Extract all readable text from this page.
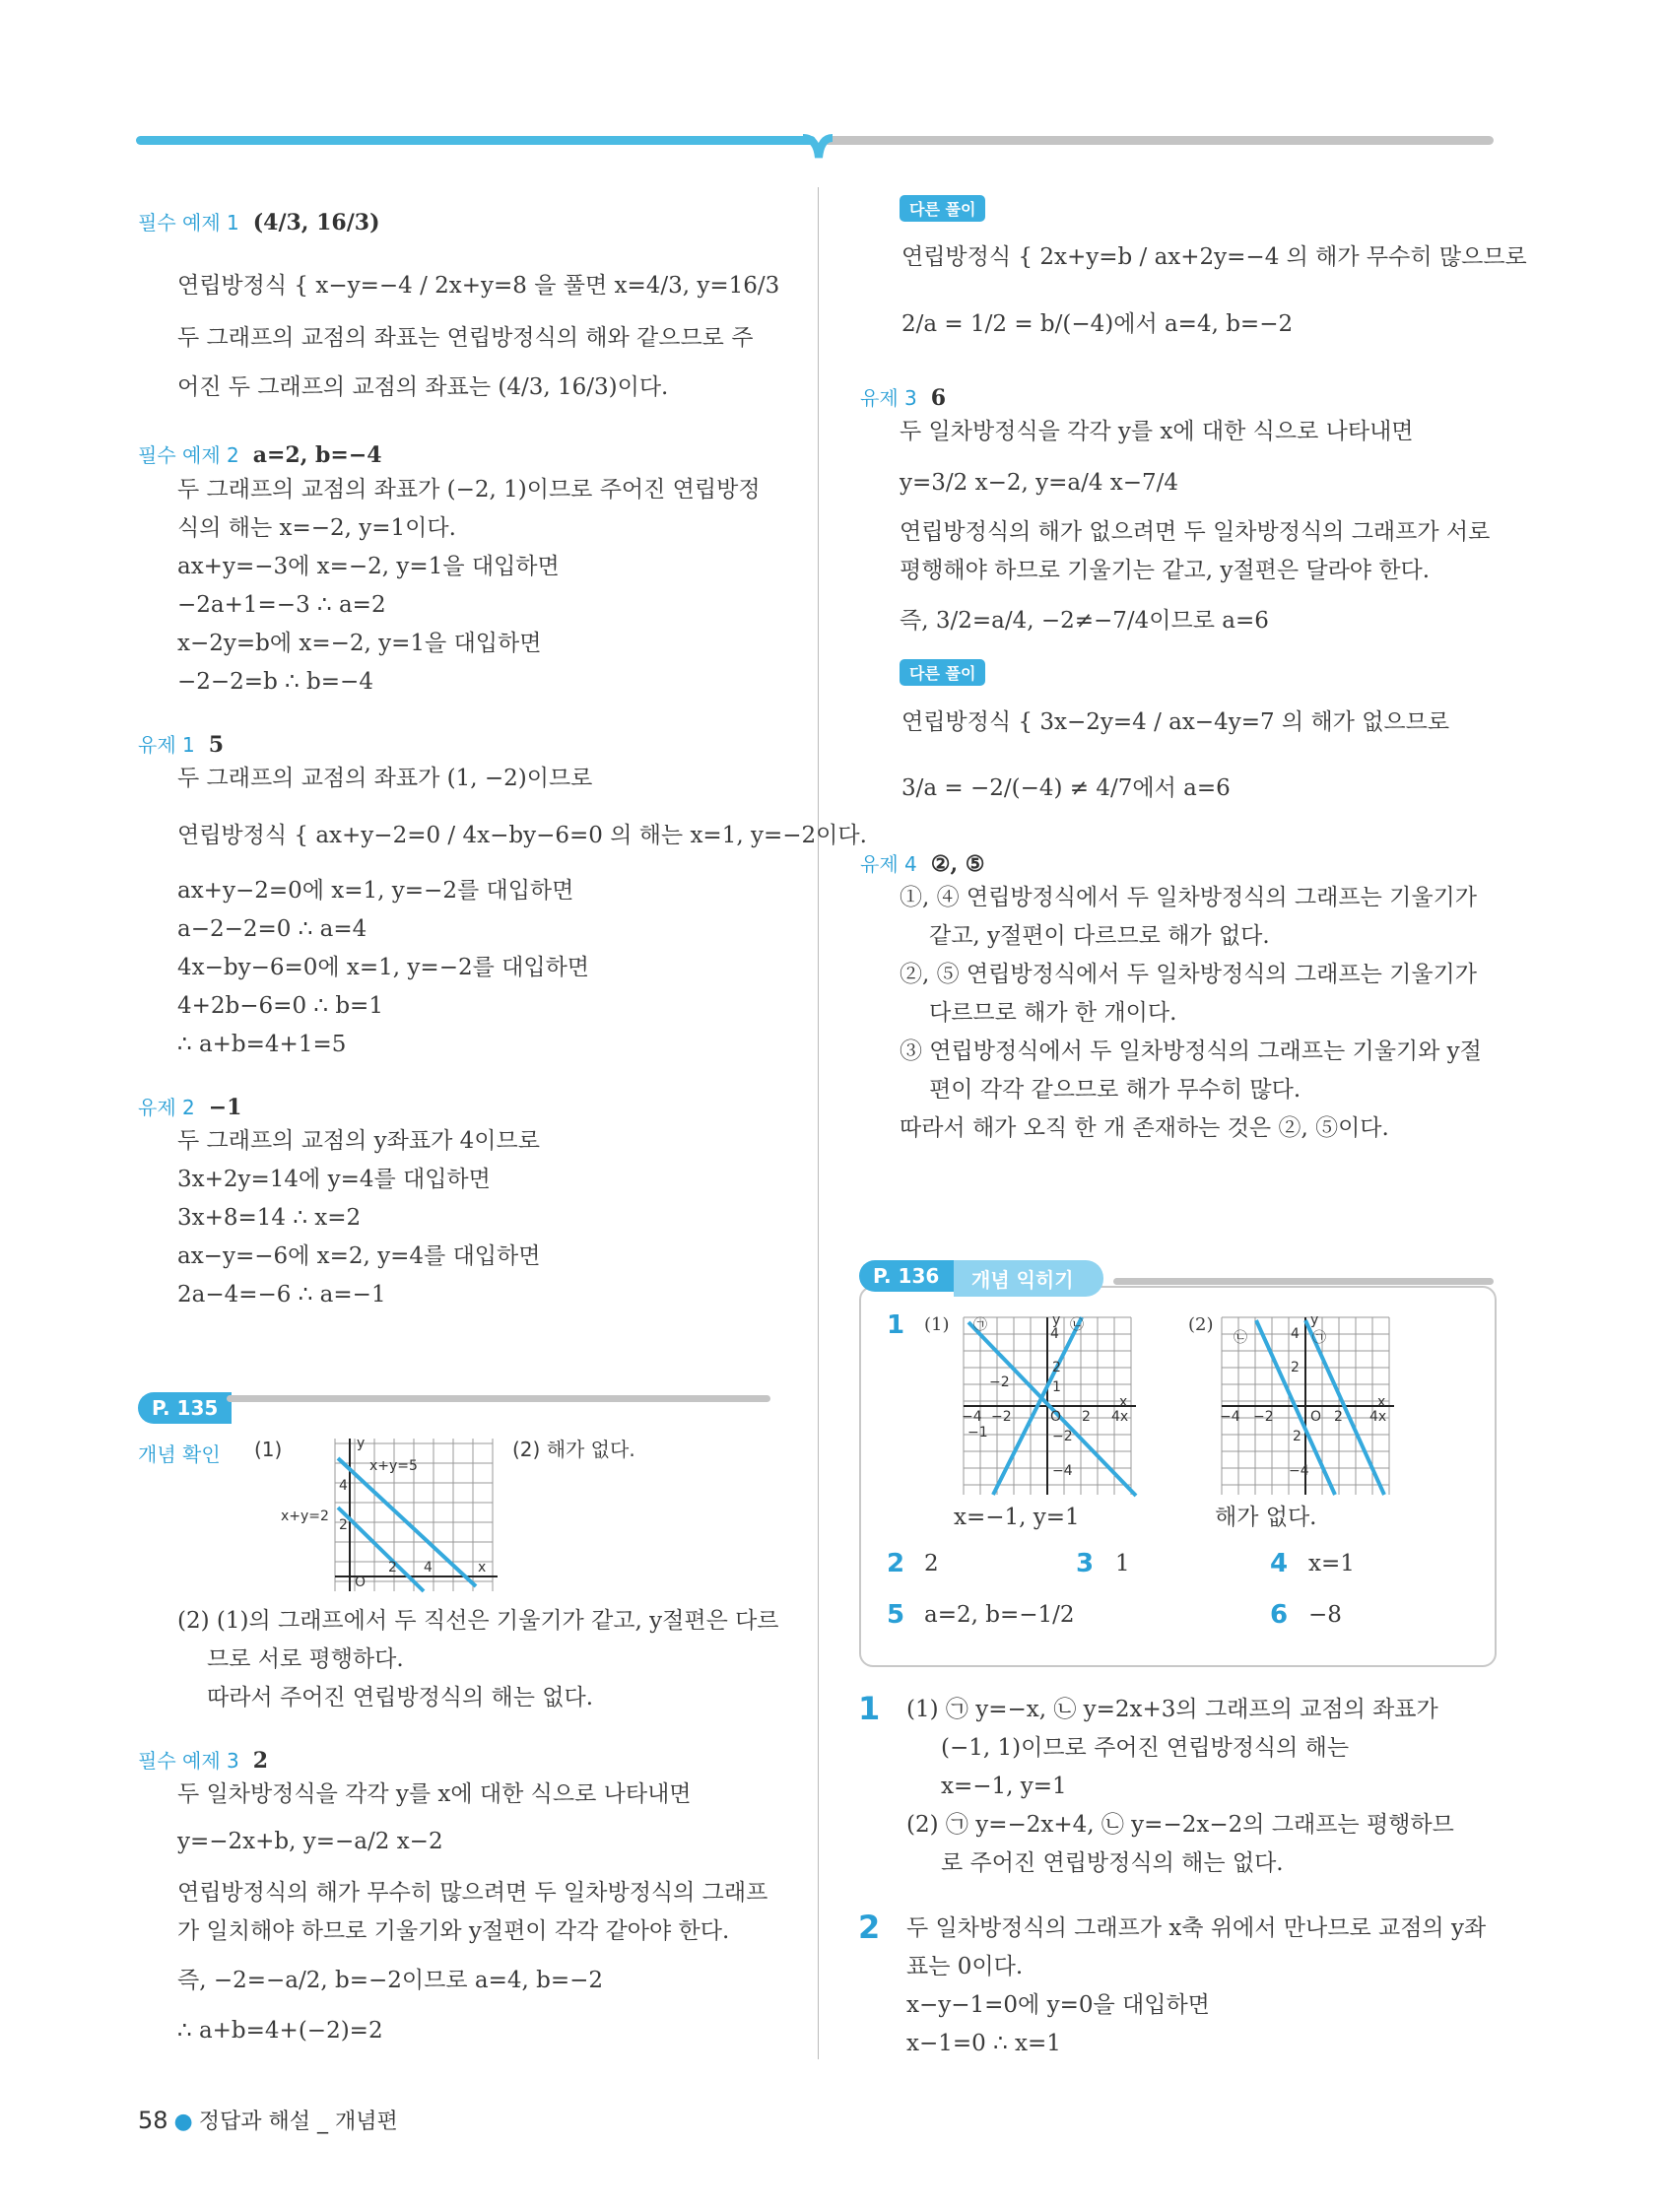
필수 예제 1 (4/3, 16/3)
연립방정식 { x−y=−4 / 2x+y=8 을 풀면 x=4/3, y=16/3
두 그래프의 교점의 좌표는 연립방정식의 해와 같으므로 주
어진 두 그래프의 교점의 좌표는 (4/3, 16/3)이다.
필수 예제 2 a=2, b=−4
두 그래프의 교점의 좌표가 (−2, 1)이므로 주어진 연립방정
식의 해는 x=−2, y=1이다.
ax+y=−3에 x=−2, y=1을 대입하면
−2a+1=−3 ∴ a=2
x−2y=b에 x=−2, y=1을 대입하면
−2−2=b ∴ b=−4
유제 1 5
두 그래프의 교점의 좌표가 (1, −2)이므로
연립방정식 { ax+y−2=0 / 4x−by−6=0 의 해는 x=1, y=−2이다.
ax+y−2=0에 x=1, y=−2를 대입하면
a−2−2=0 ∴ a=4
4x−by−6=0에 x=1, y=−2를 대입하면
4+2b−6=0 ∴ b=1
∴ a+b=4+1=5
유제 2 −1
두 그래프의 교점의 y좌표가 4이므로
3x+2y=14에 y=4를 대입하면
3x+8=14 ∴ x=2
ax−y=−6에 x=2, y=4를 대입하면
2a−4=−6 ∴ a=−1
P. 135
개념 확인 (1)	(2) 해가 없다.
x+y=5
x+y=2
y
x
O
2 4
2
4
(2) (1)의 그래프에서 두 직선은 기울기가 같고, y절편은 다르
므로 서로 평행하다.
따라서 주어진 연립방정식의 해는 없다.
필수 예제 3 2
두 일차방정식을 각각 y를 x에 대한 식으로 나타내면
y=−2x+b, y=−a/2 x−2
연립방정식의 해가 무수히 많으려면 두 일차방정식의 그래프
가 일치해야 하므로 기울기와 y절편이 각각 같아야 한다.
즉, −2=−a/2, b=−2이므로 a=4, b=−2
∴ a+b=4+(−2)=2
다른 풀이
연립방정식 { 2x+y=b / ax+2y=−4 의 해가 무수히 많으므로
2/a = 1/2 = b/(−4)에서 a=4, b=−2
유제 3 6
두 일차방정식을 각각 y를 x에 대한 식으로 나타내면
y=3/2 x−2, y=a/4 x−7/4
연립방정식의 해가 없으려면 두 일차방정식의 그래프가 서로
평행해야 하므로 기울기는 같고, y절편은 달라야 한다.
즉, 3/2=a/4, −2≠−7/4이므로 a=6
다른 풀이
연립방정식 { 3x−2y=4 / ax−4y=7 의 해가 없으므로
3/a = −2/(−4) ≠ 4/7에서 a=6
유제 4 ②, ⑤
①, ④ 연립방정식에서 두 일차방정식의 그래프는 기울기가
같고, y절편이 다르므로 해가 없다.
②, ⑤ 연립방정식에서 두 일차방정식의 그래프는 기울기가
다르므로 해가 한 개이다.
③ 연립방정식에서 두 일차방정식의 그래프는 기울기와 y절
편이 각각 같으므로 해가 무수히 많다.
따라서 해가 오직 한 개 존재하는 것은 ②, ⑤이다.
P. 136	개념 익히기
1 (1)	(2)
㉠	㉡
y
x
O 2 4x
−2
−4
2
4
−2
−4
−2
−1
1
㉡	㉠
y
x
O 2 4x
−2
−4
2
4
2
−4
x=−1, y=1	해가 없다.
2 2	3 1	4 x=1
5 a=2, b=−1/2	6 −8
1 (1) ㉠ y=−x, ㉡ y=2x+3의 그래프의 교점의 좌표가
(−1, 1)이므로 주어진 연립방정식의 해는
x=−1, y=1
(2) ㉠ y=−2x+4, ㉡ y=−2x−2의 그래프는 평행하므
로 주어진 연립방정식의 해는 없다.
2 두 일차방정식의 그래프가 x축 위에서 만나므로 교점의 y좌
표는 0이다.
x−y−1=0에 y=0을 대입하면
x−1=0 ∴ x=1
58 ● 정답과 해설 _ 개념편
